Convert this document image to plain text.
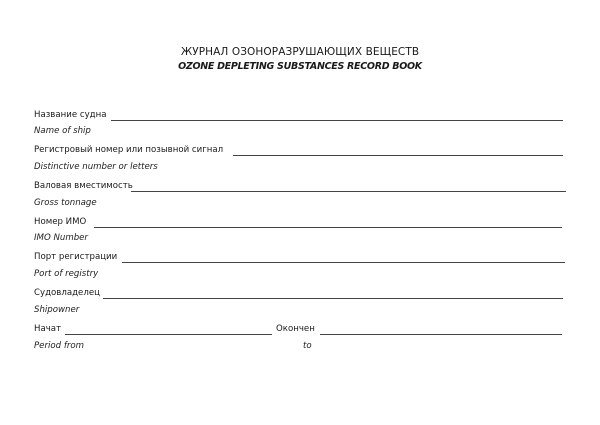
ЖУРНАЛ ОЗОНОРАЗРУШАЮЩИХ ВЕЩЕСТВ
OZONE DEPLETING SUBSTANCES RECORD BOOK
Название судна
Name of ship
Регистровый номер или позывной сигнал
Distinctive number or letters
Валовая вместимость
Gross tonnage
Номер ИМО
IMO Number
Порт регистрации
Port of registry
Судовладелец
Shipowner
Начат	Окончен
Period from	to
